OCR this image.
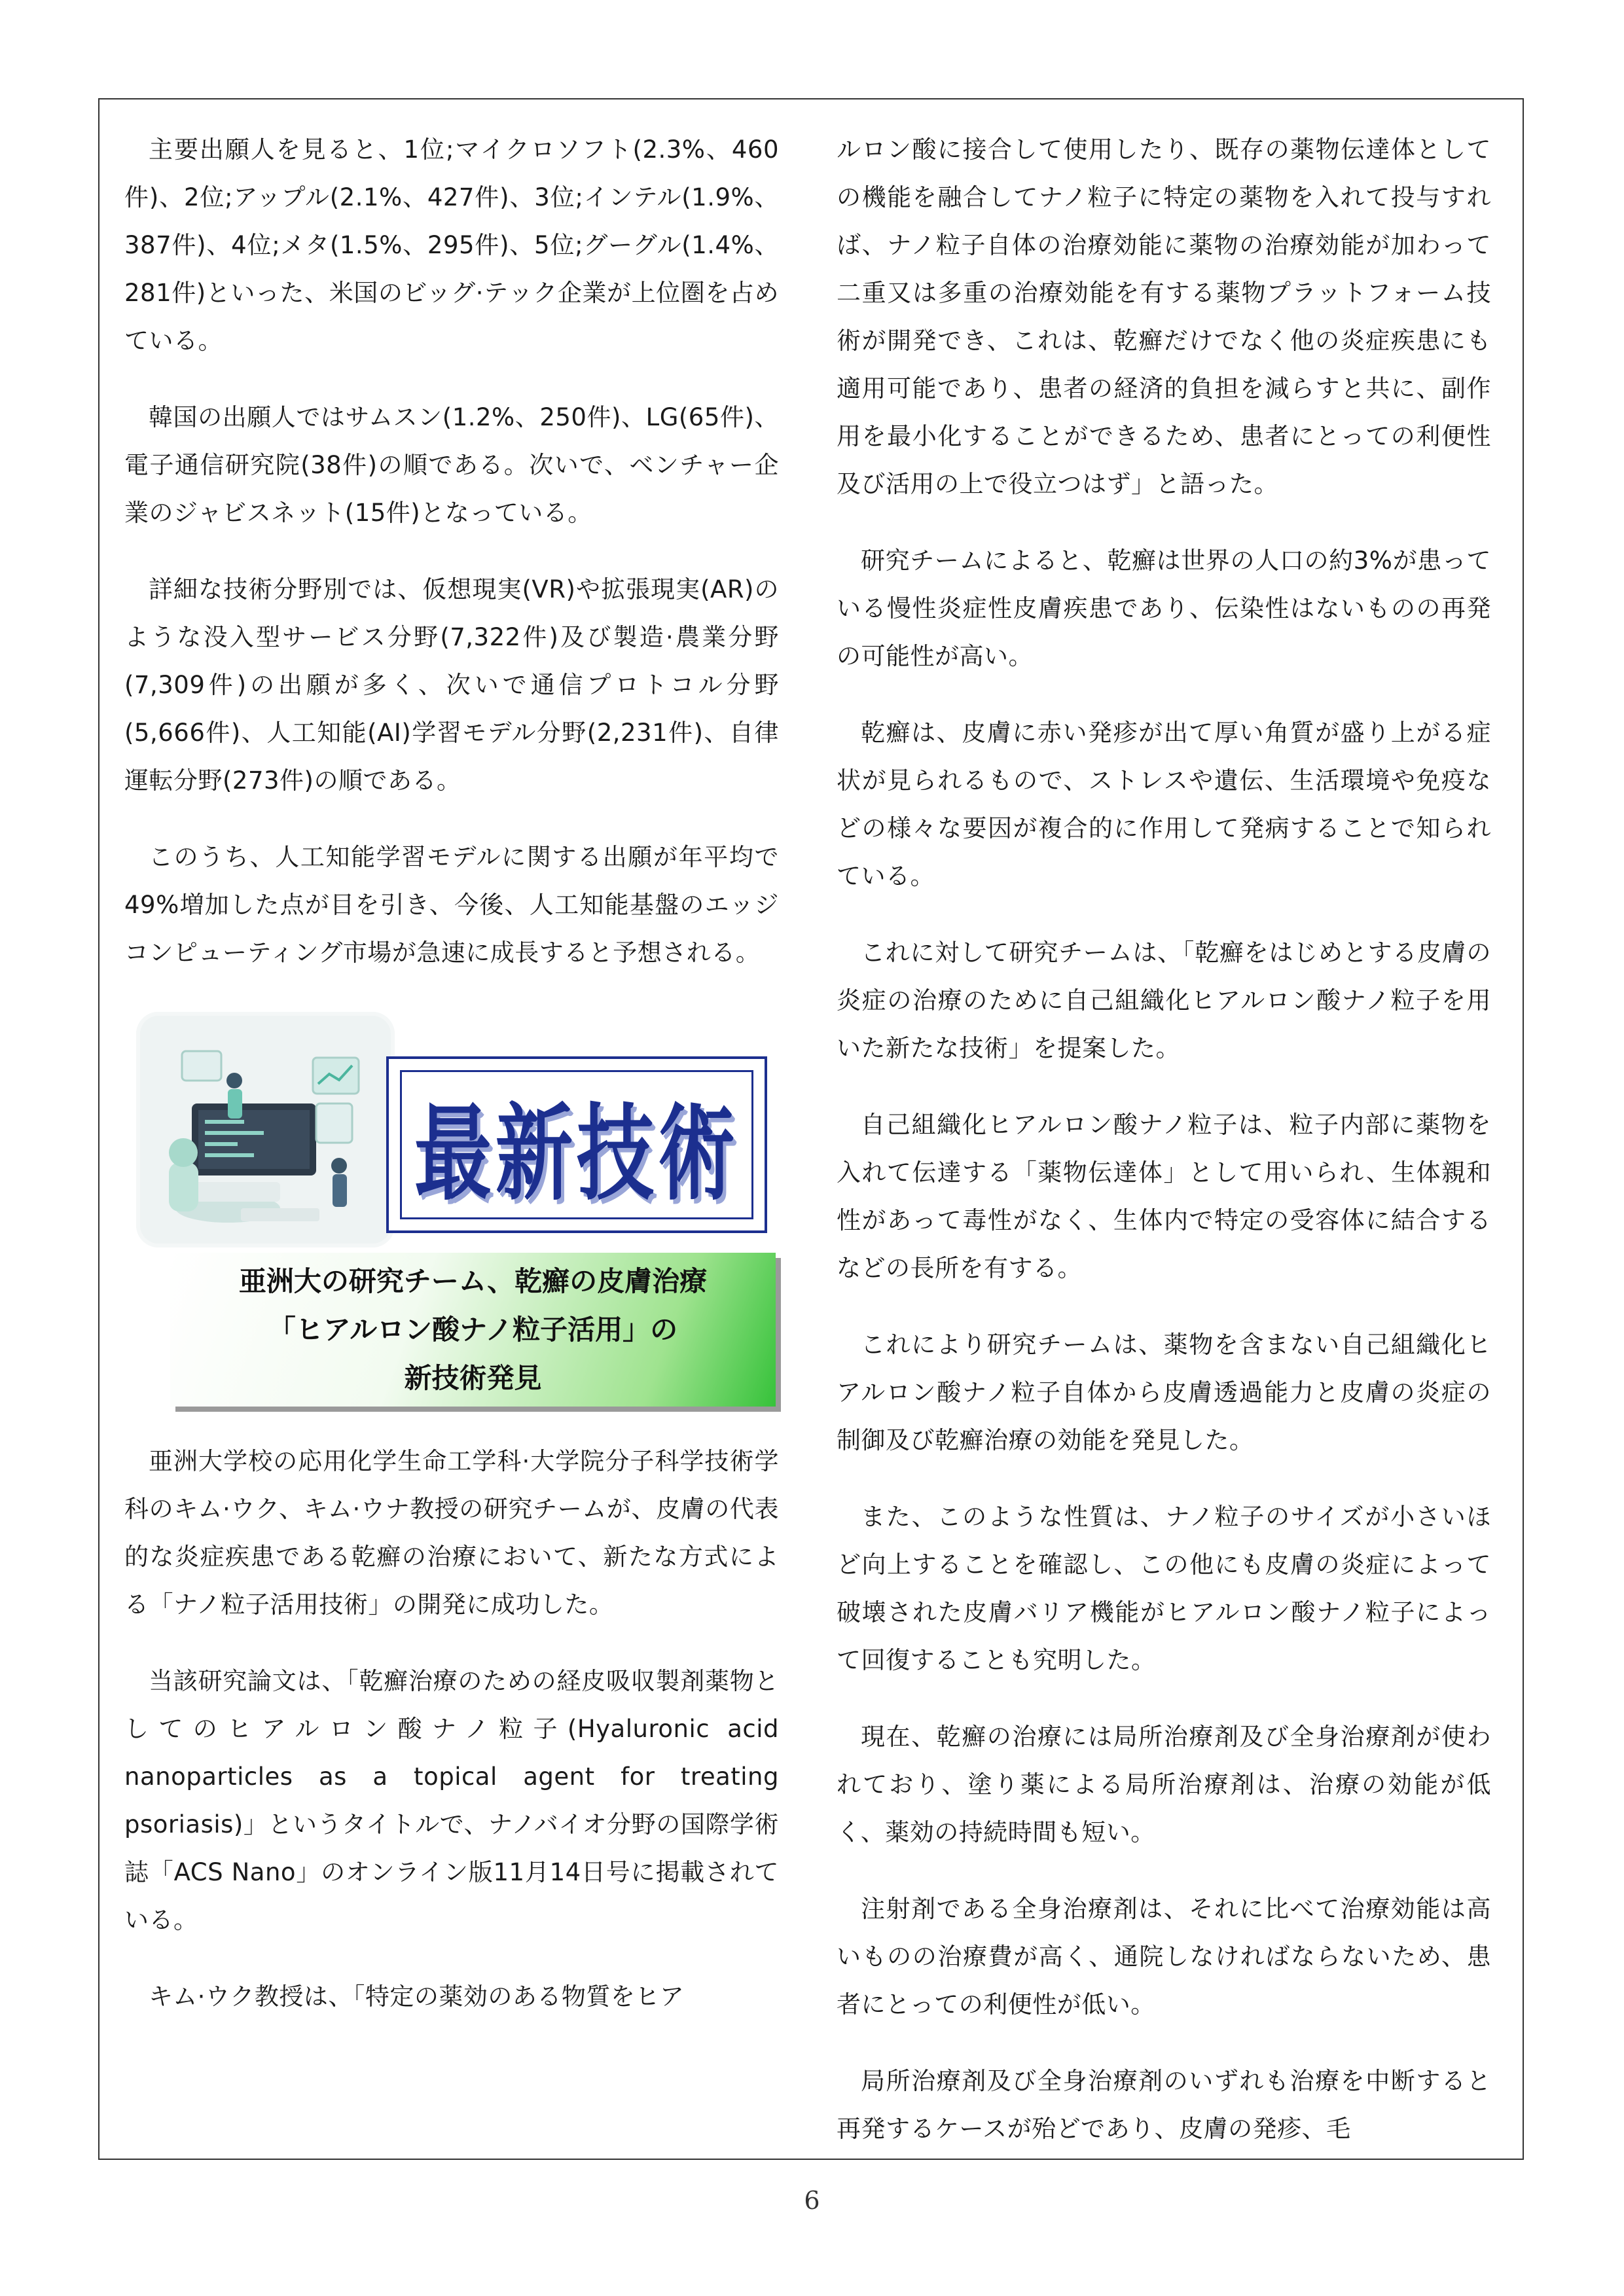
主要出願人を見ると、1位;マイクロソフト(2.3%、460件)、2位;アップル(2.1%、427件)、3位;インテル(1.9%、387件)、4位;メタ(1.5%、295件)、5位;グーグル(1.4%、281件)といった、米国のビッグ·テック企業が上位圏を占めている。

韓国の出願人ではサムスン(1.2%、250件)、LG(65件)、電子通信研究院(38件)の順である。次いで、ベンチャー企業のジャビスネット(15件)となっている。

詳細な技術分野別では、仮想現実(VR)や拡張現実(AR)のような没入型サービス分野(7,322件)及び製造·農業分野(7,309件)の出願が多く、次いで通信プロトコル分野(5,666件)、人工知能(AI)学習モデル分野(2,231件)、自律運転分野(273件)の順である。

このうち、人工知能学習モデルに関する出願が年平均で49%増加した点が目を引き、今後、人工知能基盤のエッジコンピューティング市場が急速に成長すると予想される。

最新技術
亜洲大の研究チーム、乾癬の皮膚治療
「ヒアルロン酸ナノ粒子活用」の
新技術発見

亜洲大学校の応用化学生命工学科·大学院分子科学技術学科のキム·ウク、キム·ウナ教授の研究チームが、皮膚の代表的な炎症疾患である乾癬の治療において、新たな方式による「ナノ粒子活用技術」の開発に成功した。

当該研究論文は、「乾癬治療のための経皮吸収製剤薬物としてのヒアルロン酸ナノ粒子(Hyaluronic acid nanoparticles as a topical agent for treating psoriasis)」というタイトルで、ナノバイオ分野の国際学術誌「ACS Nano」のオンライン版11月14日号に掲載されている。

キム·ウク教授は、「特定の薬効のある物質をヒア

ルロン酸に接合して使用したり、既存の薬物伝達体としての機能を融合してナノ粒子に特定の薬物を入れて投与すれば、ナノ粒子自体の治療効能に薬物の治療効能が加わって二重又は多重の治療効能を有する薬物プラットフォーム技術が開発でき、これは、乾癬だけでなく他の炎症疾患にも適用可能であり、患者の経済的負担を減らすと共に、副作用を最小化することができるため、患者にとっての利便性及び活用の上で役立つはず」と語った。

研究チームによると、乾癬は世界の人口の約3%が患っている慢性炎症性皮膚疾患であり、伝染性はないものの再発の可能性が高い。

乾癬は、皮膚に赤い発疹が出て厚い角質が盛り上がる症状が見られるもので、ストレスや遺伝、生活環境や免疫などの様々な要因が複合的に作用して発病することで知られている。

これに対して研究チームは、「乾癬をはじめとする皮膚の炎症の治療のために自己組織化ヒアルロン酸ナノ粒子を用いた新たな技術」を提案した。

自己組織化ヒアルロン酸ナノ粒子は、粒子内部に薬物を入れて伝達する「薬物伝達体」として用いられ、生体親和性があって毒性がなく、生体内で特定の受容体に結合するなどの長所を有する。

これにより研究チームは、薬物を含まない自己組織化ヒアルロン酸ナノ粒子自体から皮膚透過能力と皮膚の炎症の制御及び乾癬治療の効能を発見した。

また、このような性質は、ナノ粒子のサイズが小さいほど向上することを確認し、この他にも皮膚の炎症によって破壊された皮膚バリア機能がヒアルロン酸ナノ粒子によって回復することも究明した。

現在、乾癬の治療には局所治療剤及び全身治療剤が使われており、塗り薬による局所治療剤は、治療の効能が低く、薬効の持続時間も短い。

注射剤である全身治療剤は、それに比べて治療効能は高いものの治療費が高く、通院しなければならないため、患者にとっての利便性が低い。

局所治療剤及び全身治療剤のいずれも治療を中断すると再発するケースが殆どであり、皮膚の発疹、毛

6
